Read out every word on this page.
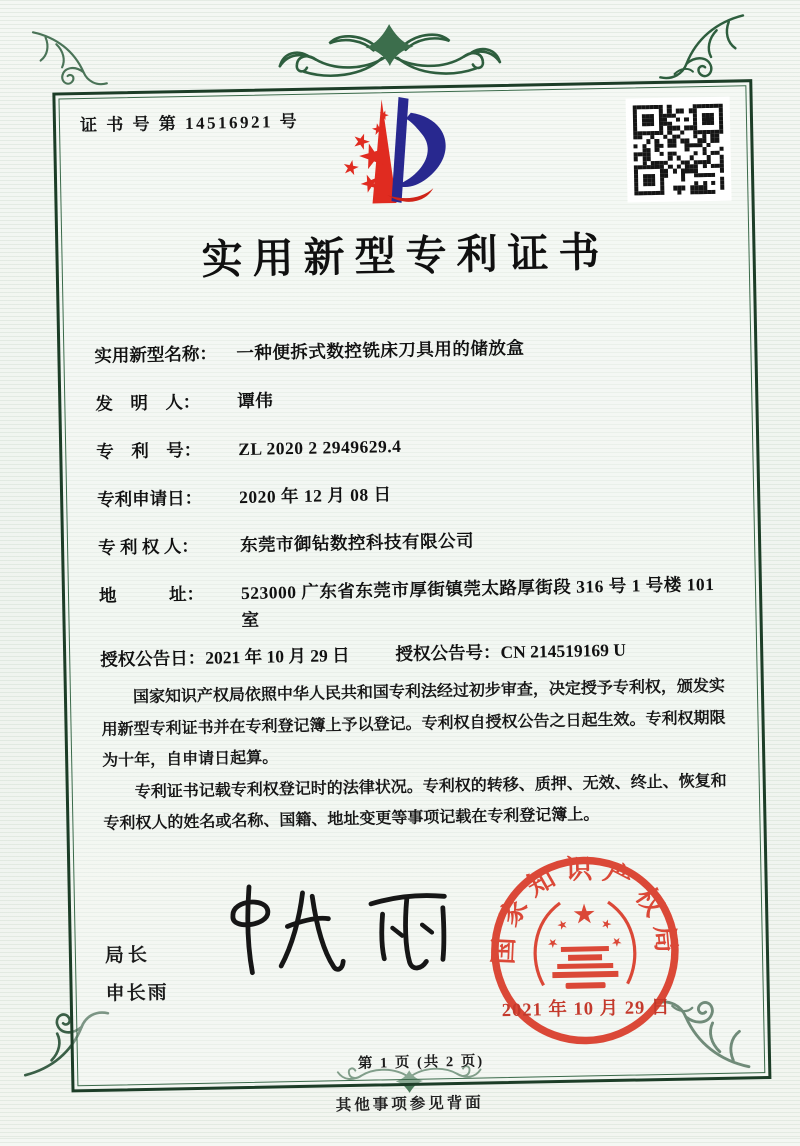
证 书 号 第 14516921 号
实用新型专利证书
实用新型名称：	一种便拆式数控铣床刀具用的储放盒
发　明　人：	谭伟
专　利　号：	ZL 2020 2 2949629.4
专利申请日：	2020 年 12 月 08 日
专 利 权 人：	东莞市御钻数控科技有限公司
地　　　址：	523000 广东省东莞市厚街镇莞太路厚街段 316 号 1 号楼 101 室
授权公告日： 2021 年 10 月 29 日	授权公告号： CN 214519169 U

国家知识产权局依照中华人民共和国专利法经过初步审查，决定授予专利权，颁发实用新型专利证书并在专利登记簿上予以登记。专利权自授权公告之日起生效。专利权期限为十年，自申请日起算。

专利证书记载专利权登记时的法律状况。专利权的转移、质押、无效、终止、恢复和专利权人的姓名或名称、国籍、地址变更等事项记载在专利登记簿上。

局长
申长雨
国家知识产权局
2021 年 10 月 29 日
第 1 页 (共 2 页)
其他事项参见背面
